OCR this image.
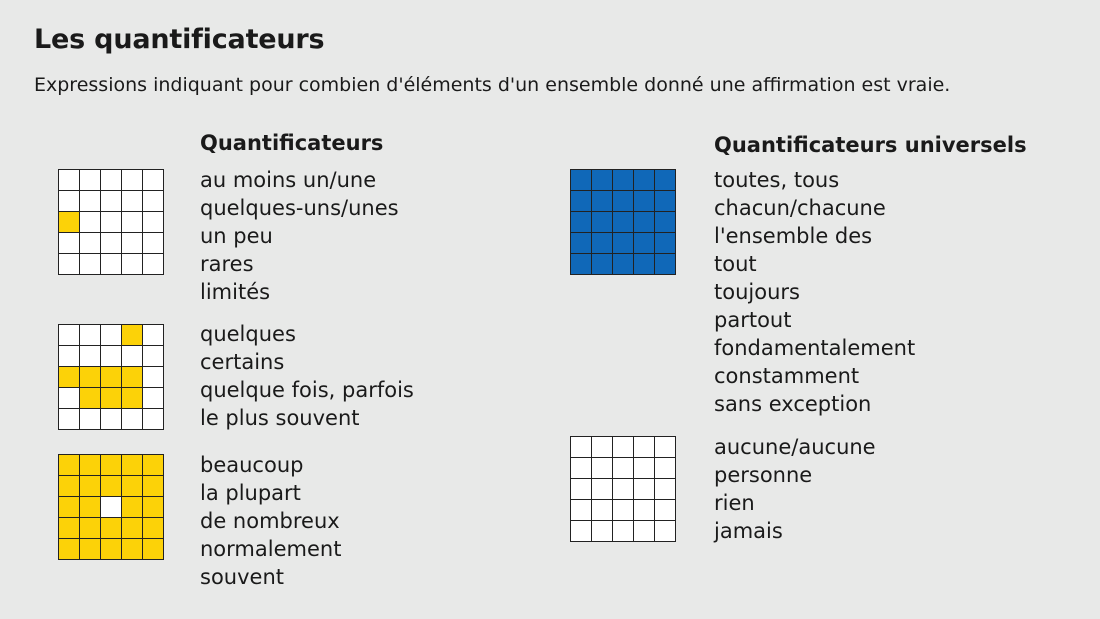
Les quantificateurs
Expressions indiquant pour combien d'éléments d'un ensemble donné une affirmation est vraie.
Quantificateurs	Quantificateurs universels
au moins un/une
quelques-uns/unes
un peu
rares
limités
quelques
certains
quelque fois, parfois
le plus souvent
beaucoup
la plupart
de nombreux
normalement
souvent
toutes, tous
chacun/chacune
l'ensemble des
tout
toujours
partout
fondamentalement
constamment
sans exception
aucune/aucune
personne
rien
jamais
